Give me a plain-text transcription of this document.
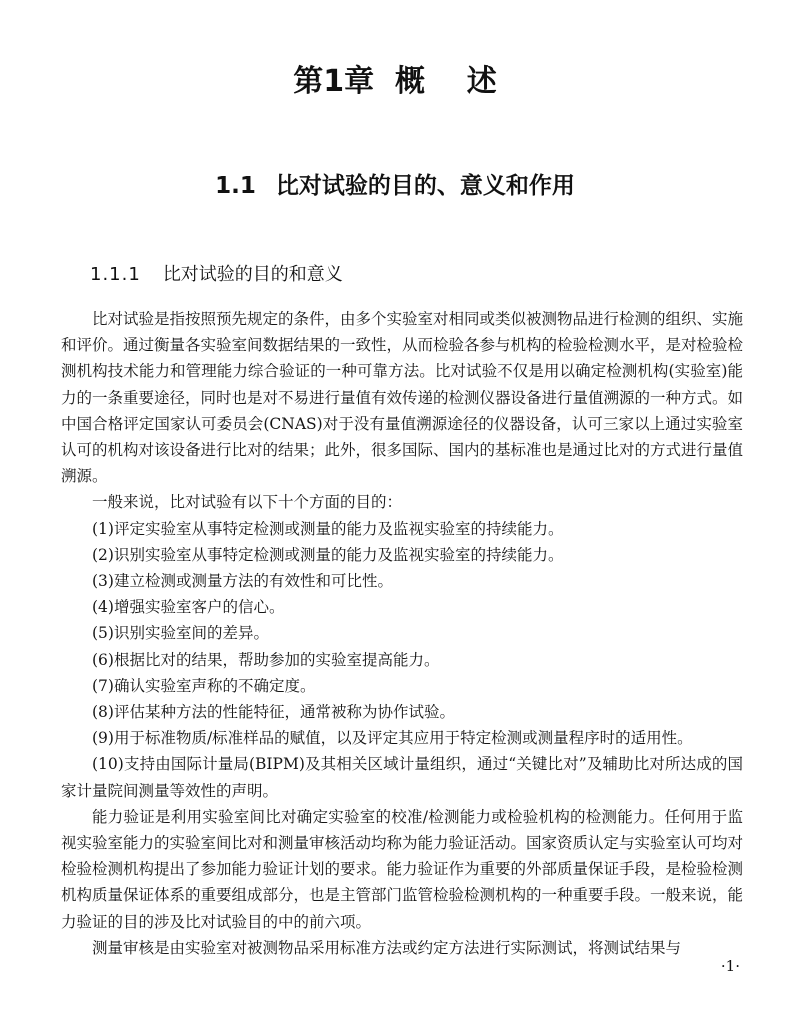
第1章  概    述
1.1 比对试验的目的、意义和作用
1.1.1 比对试验的目的和意义

比对试验是指按照预先规定的条件，由多个实验室对相同或类似被测物品进行检测的组织、实施和评价。通过衡量各实验室间数据结果的一致性，从而检验各参与机构的检验检测水平，是对检验检测机构技术能力和管理能力综合验证的一种可靠方法。比对试验不仅是用以确定检测机构(实验室)能力的一条重要途径，同时也是对不易进行量值有效传递的检测仪器设备进行量值溯源的一种方式。如中国合格评定国家认可委员会(CNAS)对于没有量值溯源途径的仪器设备，认可三家以上通过实验室认可的机构对该设备进行比对的结果；此外，很多国际、国内的基标准也是通过比对的方式进行量值溯源。

一般来说，比对试验有以下十个方面的目的：

(1)评定实验室从事特定检测或测量的能力及监视实验室的持续能力。

(2)识别实验室从事特定检测或测量的能力及监视实验室的持续能力。

(3)建立检测或测量方法的有效性和可比性。

(4)增强实验室客户的信心。

(5)识别实验室间的差异。

(6)根据比对的结果，帮助参加的实验室提高能力。

(7)确认实验室声称的不确定度。

(8)评估某种方法的性能特征，通常被称为协作试验。

(9)用于标准物质/标准样品的赋值，以及评定其应用于特定检测或测量程序时的适用性。

(10)支持由国际计量局(BIPM)及其相关区域计量组织，通过“关键比对”及辅助比对所达成的国家计量院间测量等效性的声明。

能力验证是利用实验室间比对确定实验室的校准/检测能力或检验机构的检测能力。任何用于监视实验室能力的实验室间比对和测量审核活动均称为能力验证活动。国家资质认定与实验室认可均对检验检测机构提出了参加能力验证计划的要求。能力验证作为重要的外部质量保证手段，是检验检测机构质量保证体系的重要组成部分，也是主管部门监管检验检测机构的一种重要手段。一般来说，能力验证的目的涉及比对试验目的中的前六项。

测量审核是由实验室对被测物品采用标准方法或约定方法进行实际测试，将测试结果与

·1·
